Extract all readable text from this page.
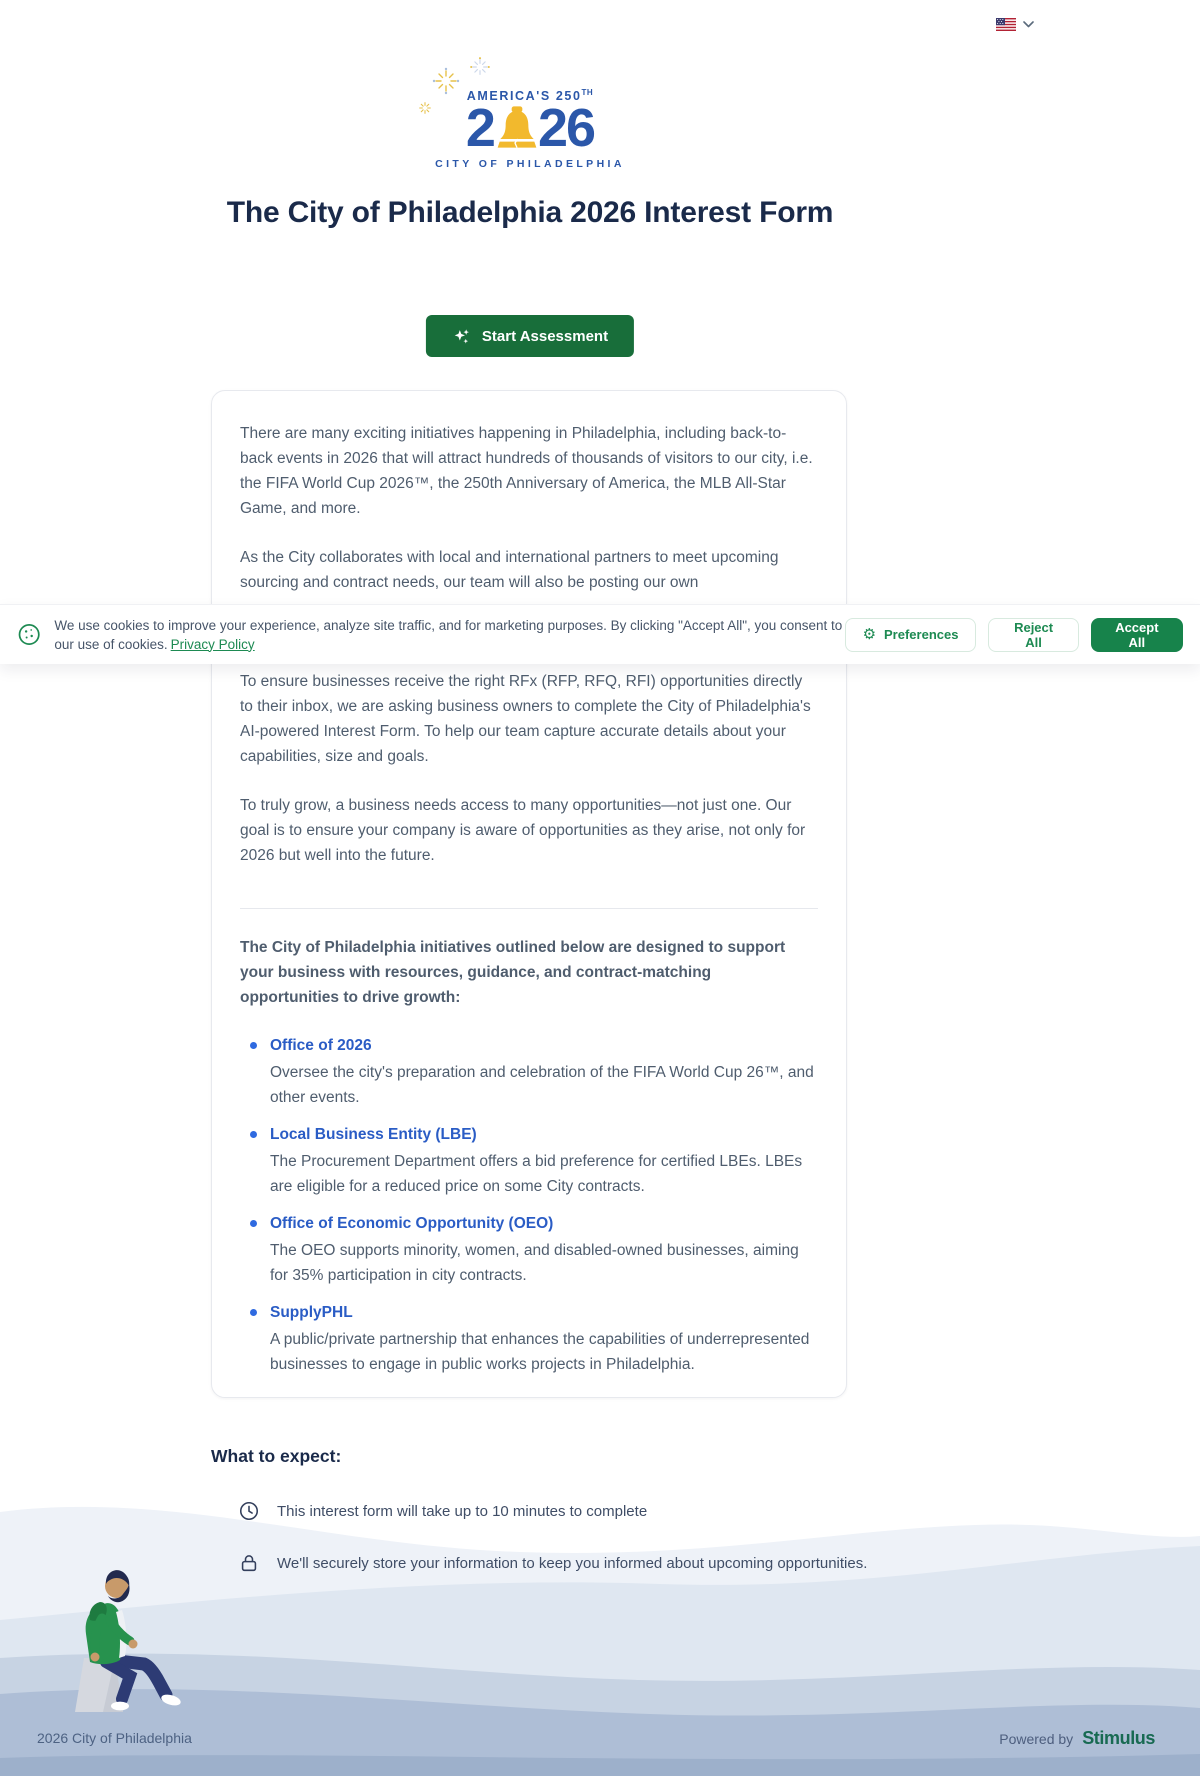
AMERICA'S 250TH
2 26
CITY OF PHILADELPHIA
The City of Philadelphia 2026 Interest Form
Start Assessment

There are many exciting initiatives happening in Philadelphia, including back-to-back events in 2026 that will attract hundreds of thousands of visitors to our city, i.e. the FIFA World Cup 2026™, the 250th Anniversary of America, the MLB All-Star Game, and more.

As the City collaborates with local and international partners to meet upcoming sourcing and contract needs, our team will also be posting our own

To ensure businesses receive the right RFx (RFP, RFQ, RFI) opportunities directly to their inbox, we are asking business owners to complete the City of Philadelphia's AI-powered Interest Form. To help our team capture accurate details about your capabilities, size and goals.

To truly grow, a business needs access to many opportunities—not just one. Our goal is to ensure your company is aware of opportunities as they arise, not only for 2026 but well into the future.

The City of Philadelphia initiatives outlined below are designed to support your business with resources, guidance, and contract-matching opportunities to drive growth:

Office of 2026
Oversee the city's preparation and celebration of the FIFA World Cup 26™, and other events.
Local Business Entity (LBE)
The Procurement Department offers a bid preference for certified LBEs. LBEs are eligible for a reduced price on some City contracts.
Office of Economic Opportunity (OEO)
The OEO supports minority, women, and disabled-owned businesses, aiming for 35% participation in city contracts.
SupplyPHL
A public/private partnership that enhances the capabilities of underrepresented businesses to engage in public works projects in Philadelphia.
We use cookies to improve your experience, analyze site traffic, and for marketing purposes. By clicking "Accept All", you consent to our use of cookies. Privacy Policy
⚙ Preferences	Reject All
Accept All
What to expect:
This interest form will take up to 10 minutes to complete
We'll securely store your information to keep you informed about upcoming opportunities.
2026 City of Philadelphia	Powered by Stimulus
